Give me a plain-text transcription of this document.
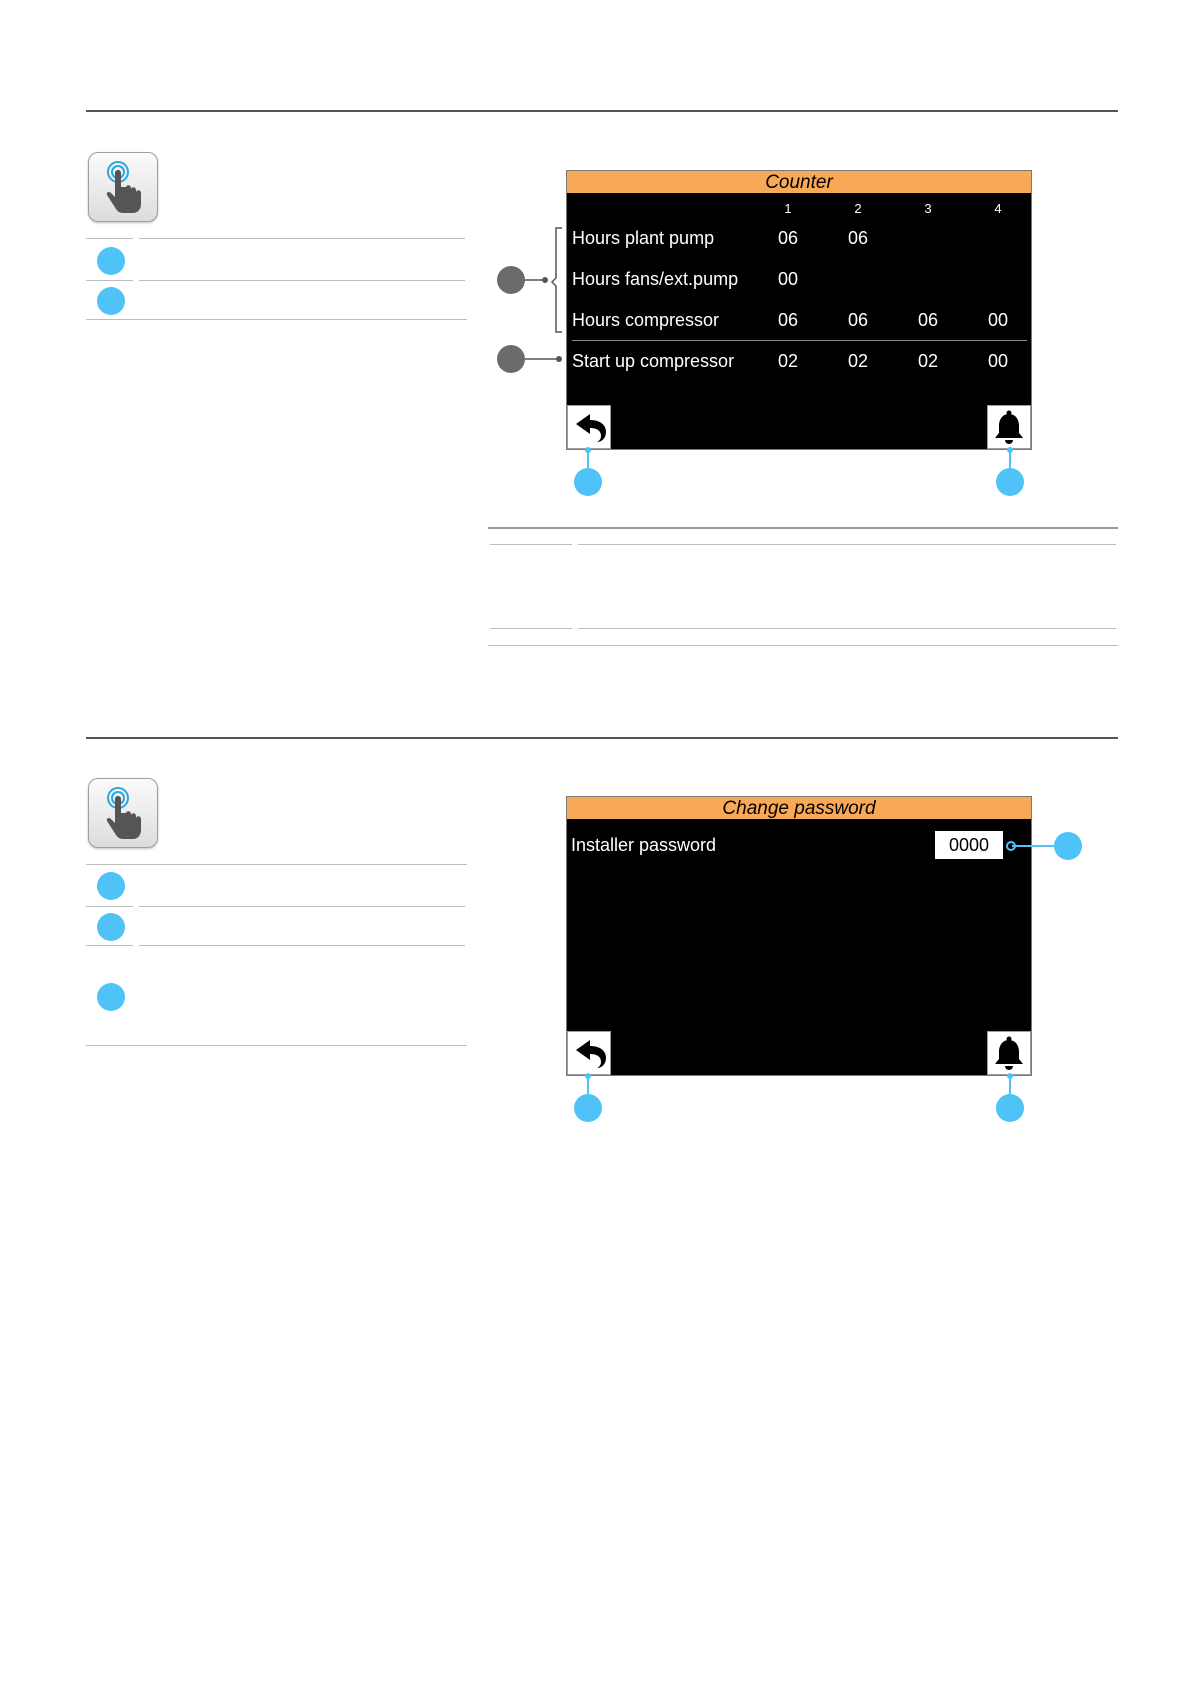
Counter
1	2	3	4
Hours plant pump	06	06
Hours fans/ext.pump	00
Hours compressor	06	06	06	00
Start up compressor	02	02	02	00
Change password
Installer password	0000
